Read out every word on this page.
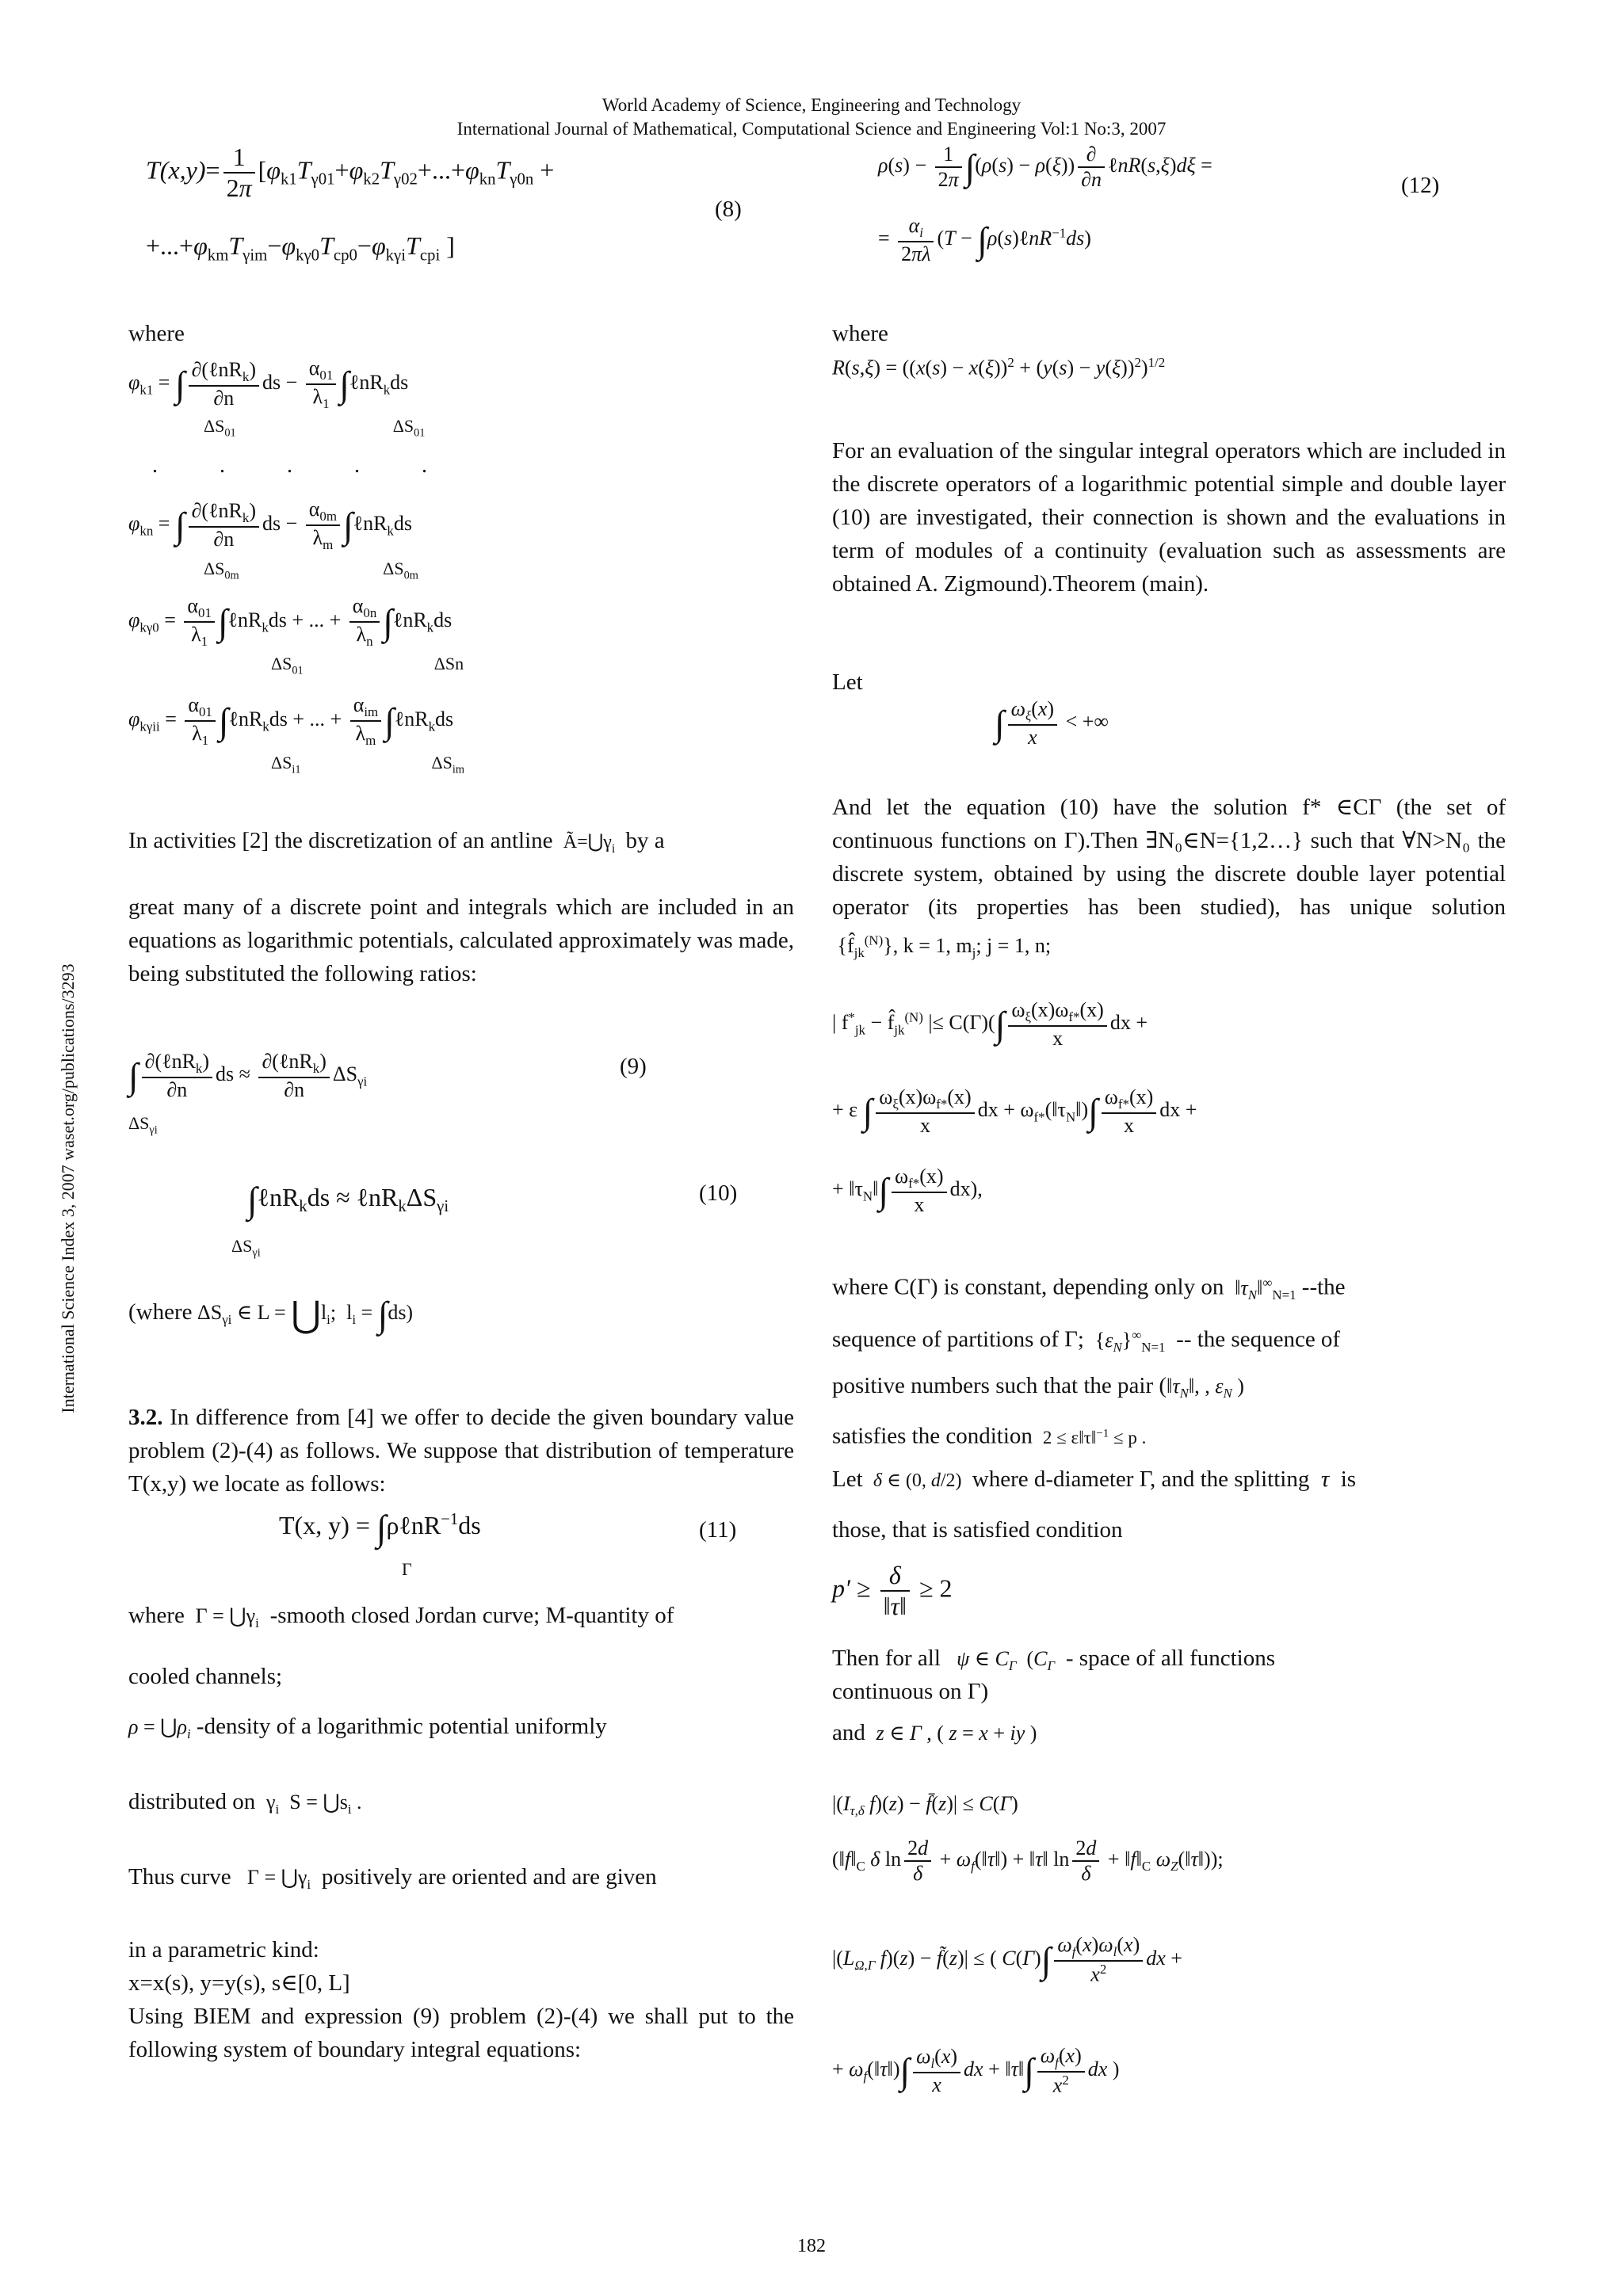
World Academy of Science, Engineering and Technology
International Journal of Mathematical, Computational Science and Engineering Vol:1 No:3, 2007
International Science Index 3, 2007 waset.org/publications/3293
$T(x,y)= \frac{1}{2\pi} [\varphi_{k1}T_{\gamma 01}+\varphi_{k2}T_{\gamma 02}+...+\varphi_{kn}T_{\gamma 0n}$ +
$+...+\varphi_{km}T_{\gamma im}-\varphi_{k\gamma 0}T_{cp0}-\varphi_{k\gamma i}T_{cpi}$ ]
(8)
where
$\varphi_{k1}$ = ∫ $\frac{\partial(\ell nR_k)}{\partial n}$ ds − $\frac{\alpha_{01}}{\lambda_1}$ ∫ℓnR$_k$ds
$\Delta S_{01}$                                    $\Delta S_{01}$
.....
$\varphi_{kn}$ = ∫ $\frac{\partial(\ell nR_k)}{\partial n}$ ds − $\frac{\alpha_{0m}}{\lambda_m}$ ∫ℓnR$_k$ds
$\Delta S_{0m}$                                 $\Delta S_{0m}$
$\varphi_{k\gamma 0} = \frac{\alpha_{01}}{\lambda_1}$ ∫ℓnR$_k$ds + ... + $\frac{\alpha_{0n}}{\lambda_n}$ ∫ℓnR$_k$ds
$\Delta S_{01}$                              ΔSn
$\varphi_{k\gamma ii} = \frac{\alpha_{01}}{\lambda_1}$ ∫ℓnR$_k$ds + ... + $\frac{\alpha_{im}}{\lambda_m}$ ∫ℓnR$_k$ds
$\Delta S_{i1}$                              $\Delta S_{im}$
In activities [2] the discretization of an antline  $Ã=⋃\gamma_i$ by a
great many of a discrete point and integrals which are included in an equations as logarithmic potentials, calculated approximately was made, being substituted the following ratios:
∫ $\frac{\partial(\ell nR_k)}{\partial n}$ ds ≈ $\frac{\partial(\ell nR_k)}{\partial n} \Delta S_{\gamma i}$
$\Delta S_{\gamma i}$
(9)
∫ℓnR$_k$ds ≈ $\ell nR_k\Delta S_{\gamma i}$
$\Delta S_{\gamma i}$
(10)
(where $\Delta S_{\gamma i}$ ∈ $L = ⋃l_i$;  $l_i = \int ds$)
3.2. In difference from [4] we offer to decide the given boundary value problem (2)-(4) as follows. We suppose that distribution of temperature T(x,y) we locate as follows:
T(x, y) = ∫ρℓnR$^{-1}$ds
Γ
(11)
where  $\Gamma = ⋃\gamma_i$ -smooth closed Jordan curve; M-quantity of
cooled channels;
$\rho = ⋃\rho_i$ -density of a logarithmic potential uniformly
distributed on  $\gamma_i$  $S = ⋃s_i$ .
Thus curve   $\Gamma = ⋃\gamma_i$ positively are oriented and are given
in a parametric kind:
x=x(s), y=y(s), s∈[0, L]
Using BIEM and expression (9) problem (2)-(4) we shall put to the following system of boundary integral equations:
$\rho(s) - \frac{1}{2\pi} \int(\rho(s) - \rho(\xi)) \frac{\partial}{\partial n}$ ℓnR(s,ξ)dξ =
= $\frac{\alpha_i}{2\pi\lambda} (T$ − ∫ρ(s)ℓnR$^{-1}$ds)
(12)
where
$R(s,\xi) = ((x(s) - x(\xi))^2 + (y(s) - y(\xi))^2)^{1/2}$
For an evaluation of the singular integral operators which are included in the discrete operators of a logarithmic potential simple and double layer (10) are investigated, their connection is shown and the evaluations in term of modules of a continuity (evaluation such as assessments are obtained A. Zigmound).Theorem (main).
Let
∫ $\frac{\omega_\xi(x)}{x}$ < +∞
And let the equation (10) have the solution f* ∈CΓ (the set of continuous functions on Γ).Then ∃N₀∈N={1,2…} such that ∀N>N₀ the discrete system, obtained by using the discrete double layer potential operator (its properties has been studied), has unique solution  $\{f̂_{jk}^{(N)}\}$, k = 1, $m_j$; j = 1, n;
| $f^*_{jk}$ − $f̂_{jk}^{(N)}$ |≤ $C(\Gamma)(\int \frac{\omega_\xi(x)\omega_{f*}(x)}{x}$ dx +
+ ε ∫ $\frac{\omega_\xi(x)\omega_{f*}(x)}{x}$ dx + $\omega_{f*}(‖\tau_N‖)\int \frac{\omega_{f*}(x)}{x}$ dx +
+ $‖\tau_N‖\int \frac{\omega_{f*}(x)}{x} dx$),
where C(Γ) is constant, depending only on  $‖\tau_N‖^\infty_{N=1}$ --the
sequence of partitions of Γ;  $\{\varepsilon_N\}^\infty_{N=1}$ -- the sequence of
positive numbers such that the pair ($‖\tau_N‖$, , $\varepsilon_N$ )
satisfies the condition  2 ≤ ε‖τ‖$^{-1}$ ≤ p .
Let δ ∈ (0, d/2)  where d-diameter Γ, and the splitting  τ  is
those, that is satisfied condition
$p' \ge \frac{\delta}{‖\tau‖} \ge 2$
Then for all ψ ∈ $C_\Gamma$  ($C_\Gamma$ - space of all functions
continuous on Γ)
and z ∈ Γ , ( z = x + iy )
$|(I_{\tau,\delta}$ f)(z) − f̄(z)| ≤ C(Γ)
($‖f‖_C$ δ $\ln \frac{2d}{\delta}$ + $\omega_f(‖\tau‖)$ + ‖τ‖ $\ln \frac{2d}{\delta}$ + $‖f‖_C$ $\omega_Z(‖\tau‖)$);
$|(L_{\Omega,\Gamma}$ f)(z) − f̃(z)| ≤ ( $C(\Gamma)\int \frac{\omega_f(x)\omega_l(x)}{x^2}$ dx +
+ $\omega_f(‖\tau‖)\int \frac{\omega_l(x)}{x}$ dx + ‖τ‖∫ $\frac{\omega_f(x)}{x^2}$ dx )
182
